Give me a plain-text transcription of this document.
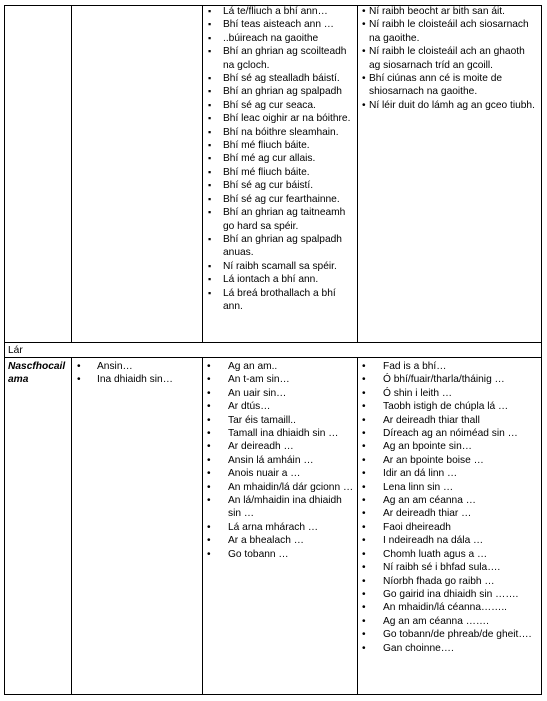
▪ Lá te/fliuch a bhí ann…
▪ Bhí teas aisteach ann …
▪ ..búireach na gaoithe
▪ Bhí an ghrian ag scoilteadh na gcloch.
▪ Bhí sé ag stealladh báistí.
▪ Bhí an ghrian ag spalpadh
▪ Bhí sé ag cur seaca.
▪ Bhí leac oighir ar na bóithre.
▪ Bhí na bóithre sleamhain.
▪ Bhí mé fliuch báite.
▪ Bhí mé ag cur allais.
▪ Bhí mé fliuch báite.
▪ Bhí sé ag cur báistí.
▪ Bhí sé ag cur fearthainne.
▪ Bhí an ghrian ag taitneamh go hard sa spéir.
▪ Bhí an ghrian ag spalpadh anuas.
▪ Ní raibh scamall sa spéir.
▪ Lá iontach a bhí ann.
▪ Lá breá brothallach a bhí ann.
• Ní raibh beocht ar bith san áit.
• Ní raibh le cloisteáil ach siosarnach na gaoithe.
• Ní raibh le cloisteáil ach an ghaoth ag siosarnach tríd an gcoill.
• Bhí ciúnas ann cé is moite de shiosarnach na gaoithe.
• Ní léir duit do lámh ag an gceo tiubh.
Lár
Nascfhocail ama
• Ansin…
• Ina dhiaidh sin…
• Ag an am..
• An t-am sin…
• An uair sin…
• Ar dtús…
• Tar éis tamaill..
• Tamall ina dhiaidh sin …
• Ar deireadh …
• Ansin lá amháin …
• Anois nuair a …
• An mhaidin/lá dár gcionn …
• An lá/mhaidin ina dhiaidh sin …
• Lá arna mhárach …
• Ar a bhealach …
• Go tobann …
• Fad is a bhí…
• Ó bhí/fuair/tharla/tháinig …
• Ó shin i leith …
• Taobh istigh de chúpla lá …
• Ar deireadh thiar thall
• Díreach ag an nóiméad sin …
• Ag an bpointe sin…
• Ar an bpointe boise …
• Idir an dá linn …
• Lena linn sin …
• Ag an am céanna …
• Ar deireadh thiar …
• Faoi dheireadh
• I ndeireadh na dála …
• Chomh luath agus a …
• Ní raibh sé i bhfad sula….
• Níorbh fhada go raibh …
• Go gairid ina dhiaidh sin …….
• An mhaidin/lá céanna……..
• Ag an am céanna …….
• Go tobann/de phreab/de gheit….
• Gan choinne….
